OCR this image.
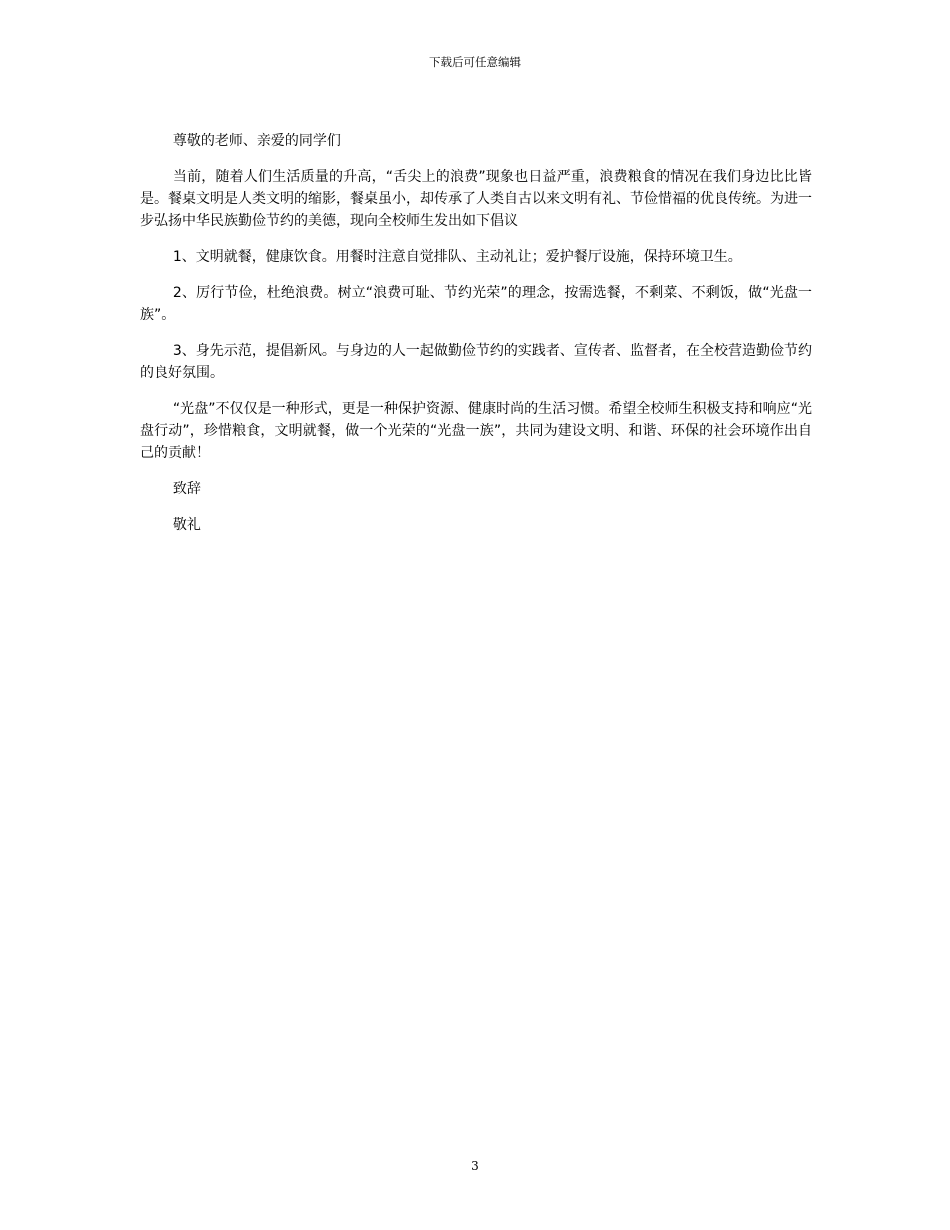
下载后可任意编辑

尊敬的老师、亲爱的同学们

当前，随着人们生活质量的升高，“舌尖上的浪费”现象也日益严重，浪费粮食的情况在我们身边比比皆是。餐桌文明是人类文明的缩影，餐桌虽小，却传承了人类自古以来文明有礼、节俭惜福的优良传统。为进一步弘扬中华民族勤俭节约的美德，现向全校师生发出如下倡议

1、文明就餐，健康饮食。用餐时注意自觉排队、主动礼让；爱护餐厅设施，保持环境卫生。

2、厉行节俭，杜绝浪费。树立“浪费可耻、节约光荣”的理念，按需选餐，不剩菜、不剩饭，做“光盘一族”。

3、身先示范，提倡新风。与身边的人一起做勤俭节约的实践者、宣传者、监督者，在全校营造勤俭节约的良好氛围。

“光盘”不仅仅是一种形式，更是一种保护资源、健康时尚的生活习惯。希望全校师生积极支持和响应“光盘行动”，珍惜粮食，文明就餐，做一个光荣的“光盘一族”，共同为建设文明、和谐、环保的社会环境作出自己的贡献！

致辞

敬礼

3
